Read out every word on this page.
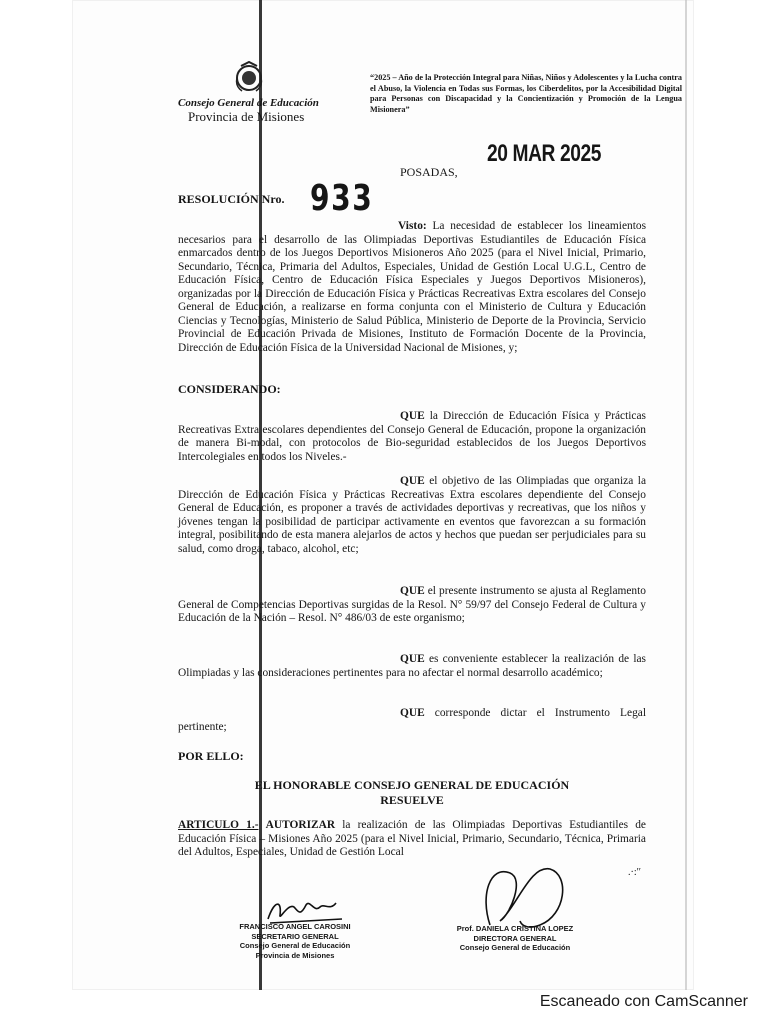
Consejo General de Educación
Provincia de Misiones
“2025 – Año de la Protección Integral para Niñas, Niños y Adolescentes y la Lucha contra el Abuso, la Violencia en Todas sus Formas, los Ciberdelitos, por la Accesibilidad Digital para Personas con Discapacidad y la Concientización y Promoción de la Lengua Misionera”
20 MAR 2025
POSADAS,
RESOLUCIÓN Nro. 933
Visto: La necesidad de establecer los lineamientos necesarios para el desarrollo de las Olimpiadas Deportivas Estudiantiles de Educación Física enmarcados dentro de los Juegos Deportivos Misioneros Año 2025 (para el Nivel Inicial, Primario, Secundario, Técnica, Primaria del Adultos, Especiales, Unidad de Gestión Local U.G.L, Centro de Educación Física, Centro de Educación Física Especiales y Juegos Deportivos Misioneros), organizadas por la Dirección de Educación Física y Prácticas Recreativas Extra escolares del Consejo General de Educación, a realizarse en forma conjunta con el Ministerio de Cultura y Educación Ciencias y Tecnologías, Ministerio de Salud Pública, Ministerio de Deporte de la Provincia, Servicio Provincial de Educación Privada de Misiones, Instituto de Formación Docente de la Provincia, Dirección de Educación Física de la Universidad Nacional de Misiones, y;
CONSIDERANDO:
QUE la Dirección de Educación Física y Prácticas Recreativas Extra escolares dependientes del Consejo General de Educación, propone la organización de manera Bi-modal, con protocolos de Bio-seguridad establecidos de los Juegos Deportivos Intercolegiales en todos los Niveles.-
QUE el objetivo de las Olimpiadas que organiza la Dirección de Educación Física y Prácticas Recreativas Extra escolares dependiente del Consejo General de Educación, es proponer a través de actividades deportivas y recreativas, que los niños y jóvenes tengan la posibilidad de participar activamente en eventos que favorezcan a su formación integral, posibilitando de esta manera alejarlos de actos y hechos que puedan ser perjudiciales para su salud, como droga, tabaco, alcohol, etc;
QUE el presente instrumento se ajusta al Reglamento General de Competencias Deportivas surgidas de la Resol. N° 59/97 del Consejo Federal de Cultura y Educación de la Nación – Resol. N° 486/03 de este organismo;
QUE es conveniente establecer la realización de las Olimpiadas y las consideraciones pertinentes para no afectar el normal desarrollo académico;
QUE corresponde dictar el Instrumento Legal pertinente;
POR ELLO:
EL HONORABLE CONSEJO GENERAL DE EDUCACIÓN
RESUELVE
ARTICULO 1.- AUTORIZAR la realización de las Olimpiadas Deportivas Estudiantiles de Educación Física – Misiones Año 2025 (para el Nivel Inicial, Primario, Secundario, Técnica, Primaria del Adultos, Especiales, Unidad de Gestión Local
.·:ʹʹ
FRANCISCO ANGEL CAROSINI
SECRETARIO GENERAL
Consejo General de Educación
Provincia de Misiones
Prof. DANIELA CRISTINA LOPEZ
DIRECTORA GENERAL
Consejo General de Educación
Escaneado con CamScanner
